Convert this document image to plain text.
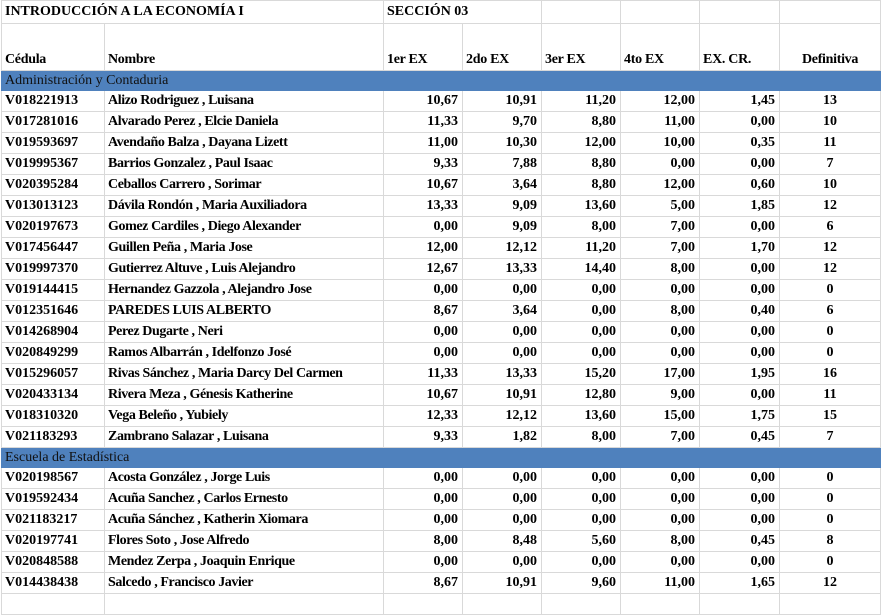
INTRODUCCIÓN A LA ECONOMÍA I		SECCIÓN 03					
Cédula	Nombre	1er EX	2do EX	3er EX	4to EX	EX. CR.	Definitiva
Administración y Contaduria							
V018221913	Alizo Rodriguez , Luisana	10,67	10,91	11,20	12,00	1,45	13
V017281016	Alvarado Perez , Elcie Daniela	11,33	9,70	8,80	11,00	0,00	10
V019593697	Avendaño Balza , Dayana Lizett	11,00	10,30	12,00	10,00	0,35	11
V019995367	Barrios Gonzalez , Paul Isaac	9,33	7,88	8,80	0,00	0,00	7
V020395284	Ceballos Carrero , Sorimar	10,67	3,64	8,80	12,00	0,60	10
V013013123	Dávila Rondón , Maria Auxiliadora	13,33	9,09	13,60	5,00	1,85	12
V020197673	Gomez Cardiles , Diego Alexander	0,00	9,09	8,00	7,00	0,00	6
V017456447	Guillen Peña , Maria Jose	12,00	12,12	11,20	7,00	1,70	12
V019997370	Gutierrez Altuve , Luis Alejandro	12,67	13,33	14,40	8,00	0,00	12
V019144415	Hernandez Gazzola , Alejandro Jose	0,00	0,00	0,00	0,00	0,00	0
V012351646	PAREDES LUIS ALBERTO	8,67	3,64	0,00	8,00	0,40	6
V014268904	Perez Dugarte , Neri	0,00	0,00	0,00	0,00	0,00	0
V020849299	Ramos Albarrán , Idelfonzo José	0,00	0,00	0,00	0,00	0,00	0
V015296057	Rivas Sánchez , Maria Darcy Del Carmen	11,33	13,33	15,20	17,00	1,95	16
V020433134	Rivera Meza , Génesis Katherine	10,67	10,91	12,80	9,00	0,00	11
V018310320	Vega Beleño , Yubiely	12,33	12,12	13,60	15,00	1,75	15
V021183293	Zambrano Salazar , Luisana	9,33	1,82	8,00	7,00	0,45	7
Escuela de Estadística							
V020198567	Acosta González , Jorge Luis	0,00	0,00	0,00	0,00	0,00	0
V019592434	Acuña Sanchez , Carlos Ernesto	0,00	0,00	0,00	0,00	0,00	0
V021183217	Acuña Sánchez , Katherin Xiomara	0,00	0,00	0,00	0,00	0,00	0
V020197741	Flores Soto , Jose Alfredo	8,00	8,48	5,60	8,00	0,45	8
V020848588	Mendez Zerpa , Joaquin Enrique	0,00	0,00	0,00	0,00	0,00	0
V014438438	Salcedo , Francisco Javier	8,67	10,91	9,60	11,00	1,65	12
